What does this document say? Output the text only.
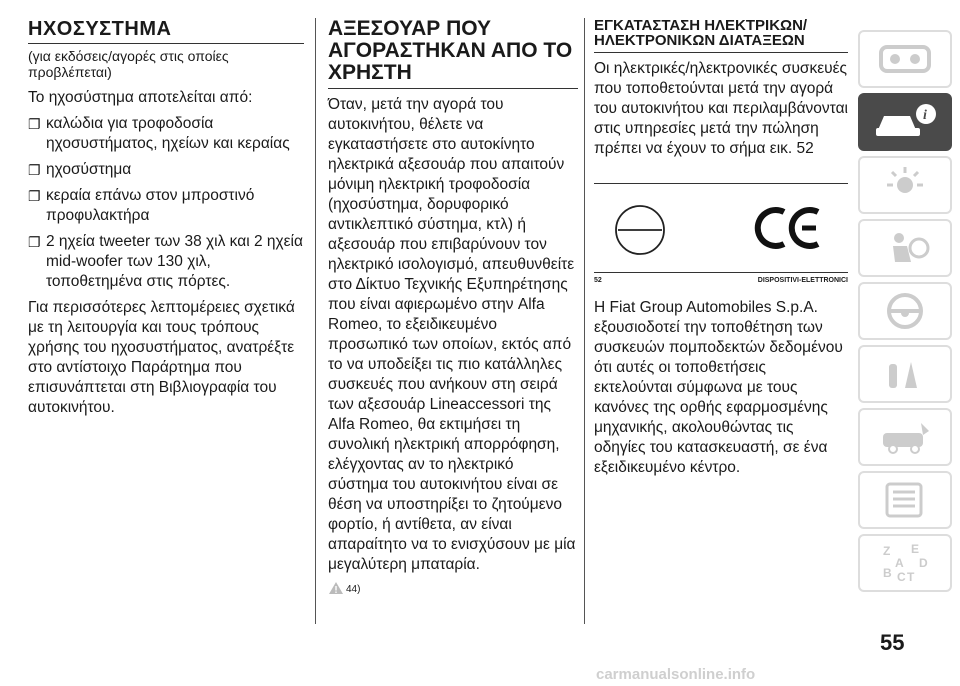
ΗΧΟΣΥΣΤΗΜΑ
(για εκδόσεις/αγορές στις οποίες προβλέπεται)

Το ηχοσύστημα αποτελείται από:

❐ καλώδια για τροφοδοσία ηχοσυστήματος, ηχείων και κεραίας
❐ ηχοσύστημα
❐ κεραία επάνω στον μπροστινό προφυλακτήρα
❐ 2 ηχεία tweeter των 38 χιλ και 2 ηχεία mid-woofer των 130 χιλ, τοποθετημένα στις πόρτες.

Για περισσότερες λεπτομέρειες σχετικά με τη λειτουργία και τους τρόπους χρήσης του ηχοσυστήματος, ανατρέξτε στο αντίστοιχο Παράρτημα που επισυνάπτεται στη Βιβλιογραφία του αυτοκινήτου.

ΑΞΕΣΟΥΑΡ ΠΟΥ ΑΓΟΡΑΣΤΗΚΑΝ ΑΠΟ ΤΟ ΧΡΗΣΤΗ

Όταν, μετά την αγορά του αυτοκινήτου, θέλετε να εγκαταστήσετε στο αυτοκίνητο ηλεκτρικά αξεσουάρ που απαιτούν μόνιμη ηλεκτρική τροφοδοσία (ηχοσύστημα, δορυφορικό αντικλεπτικό σύστημα, κτλ) ή αξεσουάρ που επιβαρύνουν τον ηλεκτρικό ισολογισμό, απευθυνθείτε στο Δίκτυο Τεχνικής Εξυπηρέτησης που είναι αφιερωμένο στην Alfa Romeo, το εξειδικευμένο προσωπικό των οποίων, εκτός από το να υποδείξει τις πιο κατάλληλες συσκευές που ανήκουν στη σειρά των αξεσουάρ Lineaccessori της Alfa Romeo, θα εκτιμήσει τη συνολική ηλεκτρική απορρόφηση, ελέγχοντας αν το ηλεκτρικό σύστημα του αυτοκινήτου είναι σε θέση να υποστηρίξει το ζητούμενο φορτίο, ή αντίθετα, αν είναι απαραίτητο να το ενισχύσουν με μία μεγαλύτερη μπαταρία.

44)
ΕΓΚΑΤΑΣΤΑΣΗ ΗΛΕΚΤΡΙΚΩΝ/ΗΛΕΚΤΡΟΝΙΚΩΝ ΔΙΑΤΑΞΕΩΝ

Οι ηλεκτρικές/ηλεκτρονικές συσκευές που τοποθετούνται μετά την αγορά του αυτοκινήτου και περιλαμβάνονται στις υπηρεσίες μετά την πώληση πρέπει να έχουν το σήμα εικ. 52

52	DISPOSITIVI-ELETTRONICI

Η Fiat Group Automobiles S.p.A. εξουσιοδοτεί την τοποθέτηση των συσκευών πομποδεκτών δεδομένου ότι αυτές οι τοποθετήσεις εκτελούνται σύμφωνα με τους κανόνες της ορθής εφαρμοσμένης μηχανικής, ακολουθώντας τις οδηγίες του κατασκευαστή, σε ένα εξειδικευμένο κέντρο.

i
Z E
A D
B C T
55
carmanualsonline.info
